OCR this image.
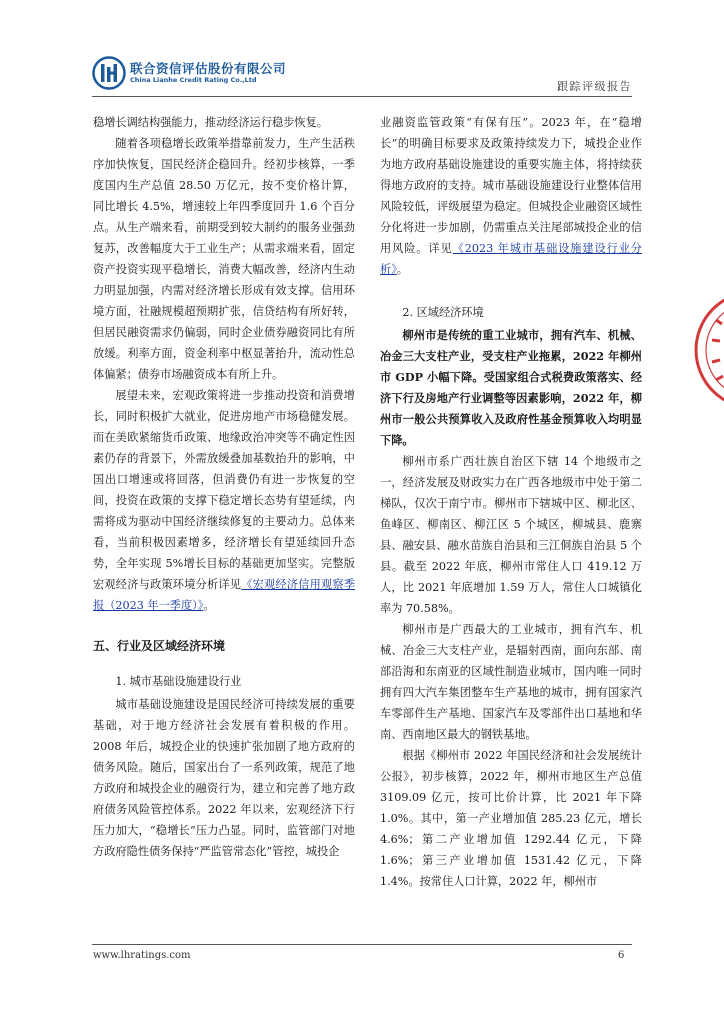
联合资信评估股份有限公司
China Lianhe Credit Rating Co.,Ltd	跟踪评级报告

稳增长调结构强能力，推动经济运行稳步恢复。

随着各项稳增长政策举措靠前发力，生产生活秩序加快恢复，国民经济企稳回升。经初步核算，一季度国内生产总值 28.50 万亿元，按不变价格计算，同比增长 4.5%，增速较上年四季度回升 1.6 个百分点。从生产端来看，前期受到较大制约的服务业强劲复苏，改善幅度大于工业生产；从需求端来看，固定资产投资实现平稳增长，消费大幅改善，经济内生动力明显加强，内需对经济增长形成有效支撑。信用环境方面，社融规模超预期扩张，信贷结构有所好转，但居民融资需求仍偏弱，同时企业债券融资同比有所放缓。利率方面，资金利率中枢显著抬升，流动性总体偏紧；债券市场融资成本有所上升。

展望未来，宏观政策将进一步推动投资和消费增长，同时积极扩大就业，促进房地产市场稳健发展。而在美欧紧缩货币政策、地缘政治冲突等不确定性因素仍存的背景下，外需放缓叠加基数抬升的影响，中国出口增速或将回落，但消费仍有进一步恢复的空间，投资在政策的支撑下稳定增长态势有望延续，内需将成为驱动中国经济继续修复的主要动力。总体来看，当前积极因素增多，经济增长有望延续回升态势，全年实现 5%增长目标的基础更加坚实。完整版宏观经济与政策环境分析详见《宏观经济信用观察季报（2023 年一季度）》。

五、行业及区域经济环境
1. 城市基础设施建设行业

城市基础设施建设是国民经济可持续发展的重要基础，对于地方经济社会发展有着积极的作用。2008 年后，城投企业的快速扩张加剧了地方政府的债务风险。随后，国家出台了一系列政策，规范了地方政府和城投企业的融资行为，建立和完善了地方政府债务风险管控体系。2022 年以来，宏观经济下行压力加大，“稳增长”压力凸显。同时，监管部门对地方政府隐性债务保持“严监管常态化”管控，城投企

业融资监管政策“有保有压”。2023 年，在“稳增长”的明确目标要求及政策持续发力下，城投企业作为地方政府基础设施建设的重要实施主体，将持续获得地方政府的支持。城市基础设施建设行业整体信用风险较低，评级展望为稳定。但城投企业融资区域性分化将进一步加剧，仍需重点关注尾部城投企业的信用风险。详见《2023 年城市基础设施建设行业分析》。

2. 区域经济环境

柳州市是传统的重工业城市，拥有汽车、机械、冶金三大支柱产业，受支柱产业拖累，2022 年柳州市 GDP 小幅下降。受国家组合式税费政策落实、经济下行及房地产行业调整等因素影响，2022 年，柳州市一般公共预算收入及政府性基金预算收入均明显下降。

柳州市系广西壮族自治区下辖 14 个地级市之一，经济发展及财政实力在广西各地级市中处于第二梯队，仅次于南宁市。柳州市下辖城中区、柳北区、鱼峰区、柳南区、柳江区 5 个城区，柳城县、鹿寨县、融安县、融水苗族自治县和三江侗族自治县 5 个县。截至 2022 年底，柳州市常住人口 419.12 万人，比 2021 年底增加 1.59 万人，常住人口城镇化率为 70.58%。

柳州市是广西最大的工业城市，拥有汽车、机械、冶金三大支柱产业，是辐射西南，面向东部、南部沿海和东南亚的区域性制造业城市，国内唯一同时拥有四大汽车集团整车生产基地的城市，拥有国家汽车零部件生产基地、国家汽车及零部件出口基地和华南、西南地区最大的钢铁基地。

根据《柳州市 2022 年国民经济和社会发展统计公报》，初步核算，2022 年，柳州市地区生产总值 3109.09 亿元，按可比价计算，比 2021 年下降 1.0%。其中，第一产业增加值 285.23 亿元，增长 4.6%；第二产业增加值 1292.44 亿元，下降 1.6%；第三产业增加值 1531.42 亿元，下降 1.4%。按常住人口计算，2022 年，柳州市

www.lhratings.com	6
